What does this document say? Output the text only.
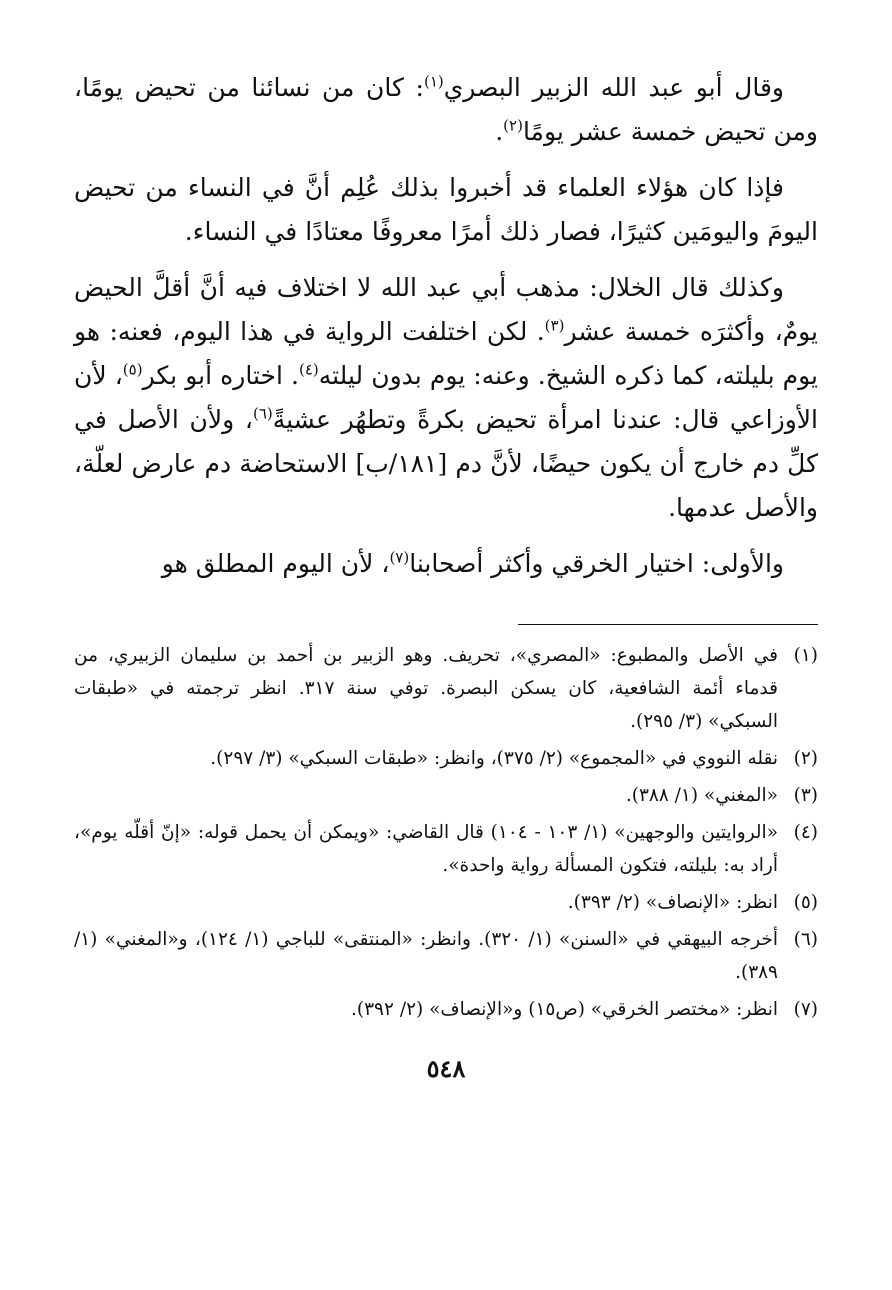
وقال أبو عبد الله الزبير البصري$^{(١)}$: كان من نسائنا من تحيض يومًا، ومن تحيض خمسة عشر يومًا$^{(٢)}$.

فإذا كان هؤلاء العلماء قد أخبروا بذلك عُلِم أنَّ في النساء من تحيض اليومَ واليومَين كثيرًا، فصار ذلك أمرًا معروفًا معتادًا في النساء.

وكذلك قال الخلال: مذهب أبي عبد الله لا اختلاف فيه أنَّ أقلَّ الحيض يومٌ، وأكثرَه خمسة عشر$^{(٣)}$. لكن اختلفت الرواية في هذا اليوم، فعنه: هو يوم بليلته، كما ذكره الشيخ. وعنه: يوم بدون ليلته$^{(٤)}$. اختاره أبو بكر$^{(٥)}$، لأن الأوزاعي قال: عندنا امرأة تحيض بكرةً وتطهُر عشيةً$^{(٦)}$، ولأن الأصل في كلِّ دم خارج أن يكون حيضًا، لأنَّ دم [١٨١/ب] الاستحاضة دم عارض لعلّة، والأصل عدمها.

والأولى: اختيار الخرقي وأكثر أصحابنا$^{(٧)}$، لأن اليوم المطلق هو

(١)
في الأصل والمطبوع: «المصري»، تحريف. وهو الزبير بن أحمد بن سليمان الزبيري، من قدماء أئمة الشافعية، كان يسكن البصرة. توفي سنة ٣١٧. انظر ترجمته في «طبقات السبكي» (٣/ ٢٩٥).
(٢)
نقله النووي في «المجموع» (٢/ ٣٧٥)، وانظر: «طبقات السبكي» (٣/ ٢٩٧).
(٣)
«المغني» (١/ ٣٨٨).
(٤)
«الروايتين والوجهين» (١/ ١٠٣ - ١٠٤) قال القاضي: «ويمكن أن يحمل قوله: «إنّ أقلّه يوم»، أراد به: بليلته، فتكون المسألة رواية واحدة».
(٥)
انظر: «الإنصاف» (٢/ ٣٩٣).
(٦)
أخرجه البيهقي في «السنن» (١/ ٣٢٠). وانظر: «المنتقى» للباجي (١/ ١٢٤)، و«المغني» (١/ ٣٨٩).
(٧)
انظر: «مختصر الخرقي» (ص١٥) و«الإنصاف» (٢/ ٣٩٢).
٥٤٨
